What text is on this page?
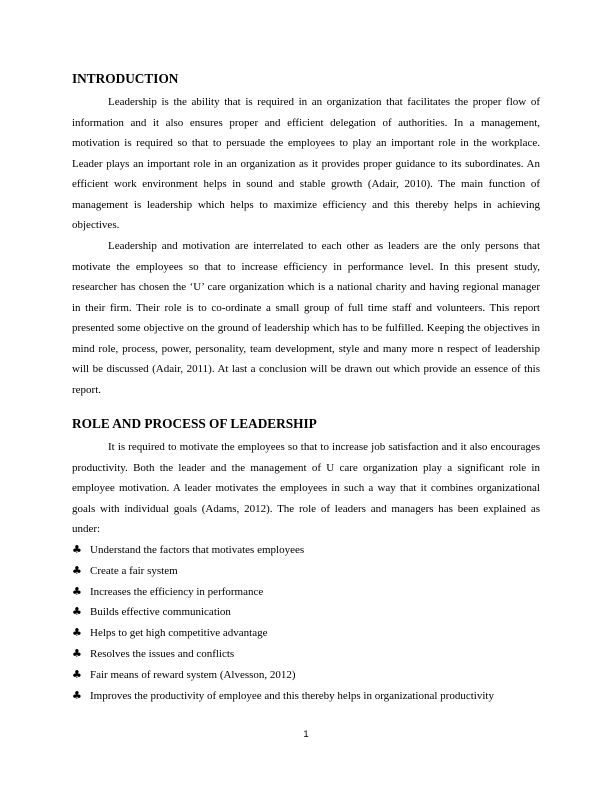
INTRODUCTION

Leadership is the ability that is required in an organization that facilitates the proper flow of information and it also ensures proper and efficient delegation of authorities. In a management, motivation is required so that to persuade the employees to play an important role in the workplace. Leader plays an important role in an organization as it provides proper guidance to its subordinates. An efficient work environment helps in sound and stable growth (Adair, 2010). The main function of management is leadership which helps to maximize efficiency and this thereby helps in achieving objectives.

Leadership and motivation are interrelated to each other as leaders are the only persons that motivate the employees so that to increase efficiency in performance level. In this present study, researcher has chosen the ‘U’ care organization which is a national charity and having regional manager in their firm. Their role is to co-ordinate a small group of full time staff and volunteers. This report presented some objective on the ground of leadership which has to be fulfilled. Keeping the objectives in mind role, process, power, personality, team development, style and many more n respect of leadership will be discussed (Adair, 2011). At last a conclusion will be drawn out which provide an essence of this report.

ROLE AND PROCESS OF LEADERSHIP

It is required to motivate the employees so that to increase job satisfaction and it also encourages productivity. Both the leader and the management of U care organization play a significant role in employee motivation. A leader motivates the employees in such a way that it combines organizational goals with individual goals (Adams, 2012). The role of leaders and managers has been explained as under:

♣ Understand the factors that motivates employees
♣ Create a fair system
♣ Increases the efficiency in performance
♣ Builds effective communication
♣ Helps to get high competitive advantage
♣ Resolves the issues and conflicts
♣ Fair means of reward system (Alvesson, 2012)
♣ Improves the productivity of employee and this thereby helps in organizational productivity
1
